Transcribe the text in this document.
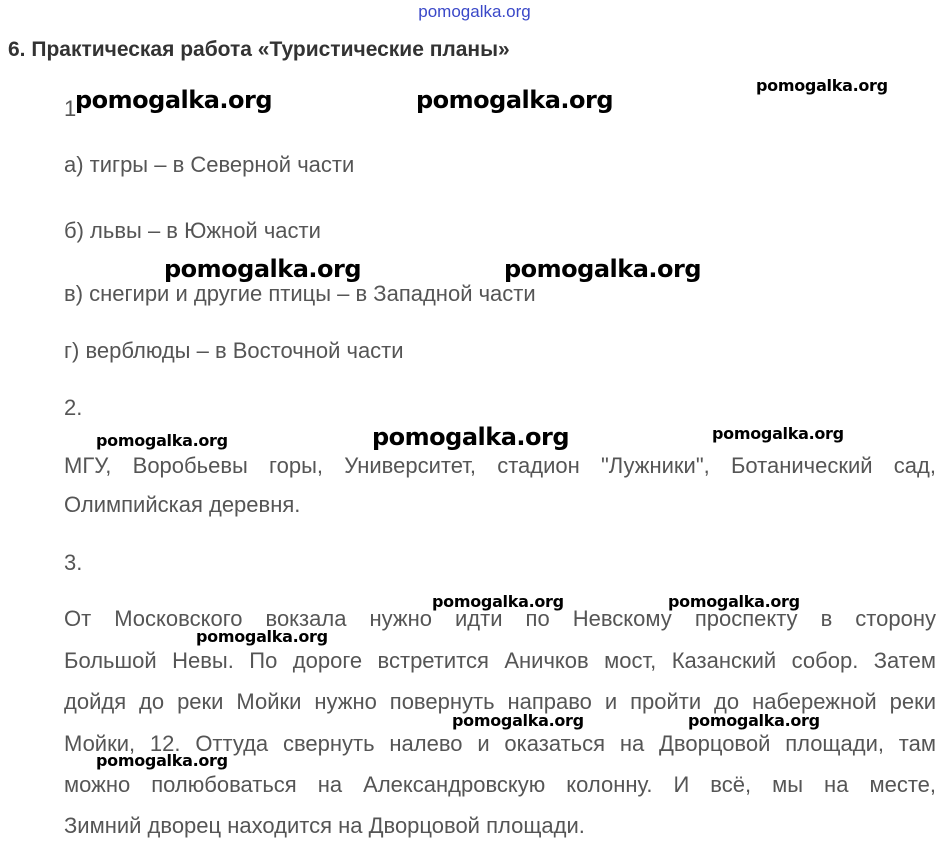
pomogalka.org
6. Практическая работа «Туристические планы»
1
а) тигры – в Северной части
б) львы – в Южной части
в) снегири и другие птицы – в Западной части
г) верблюды – в Восточной части
2.
МГУ, Воробьевы горы, Университет, стадион "Лужники", Ботанический сад,
Олимпийская деревня.
3.
От Московского вокзала нужно идти по Невскому проспекту в сторону
Большой Невы. По дороге встретится Аничков мост, Казанский собор. Затем
дойдя до реки Мойки нужно повернуть направо и пройти до набережной реки
Мойки, 12. Оттуда свернуть налево и оказаться на Дворцовой площади, там
можно полюбоваться на Александровскую колонну. И всё, мы на месте,
Зимний дворец находится на Дворцовой площади.
pomogalka.org	pomogalka.org
pomogalka.org
pomogalka.org	pomogalka.org
pomogalka.org	pomogalka.org	pomogalka.org
pomogalka.org	pomogalka.org
pomogalka.org
pomogalka.org	pomogalka.org
pomogalka.org
